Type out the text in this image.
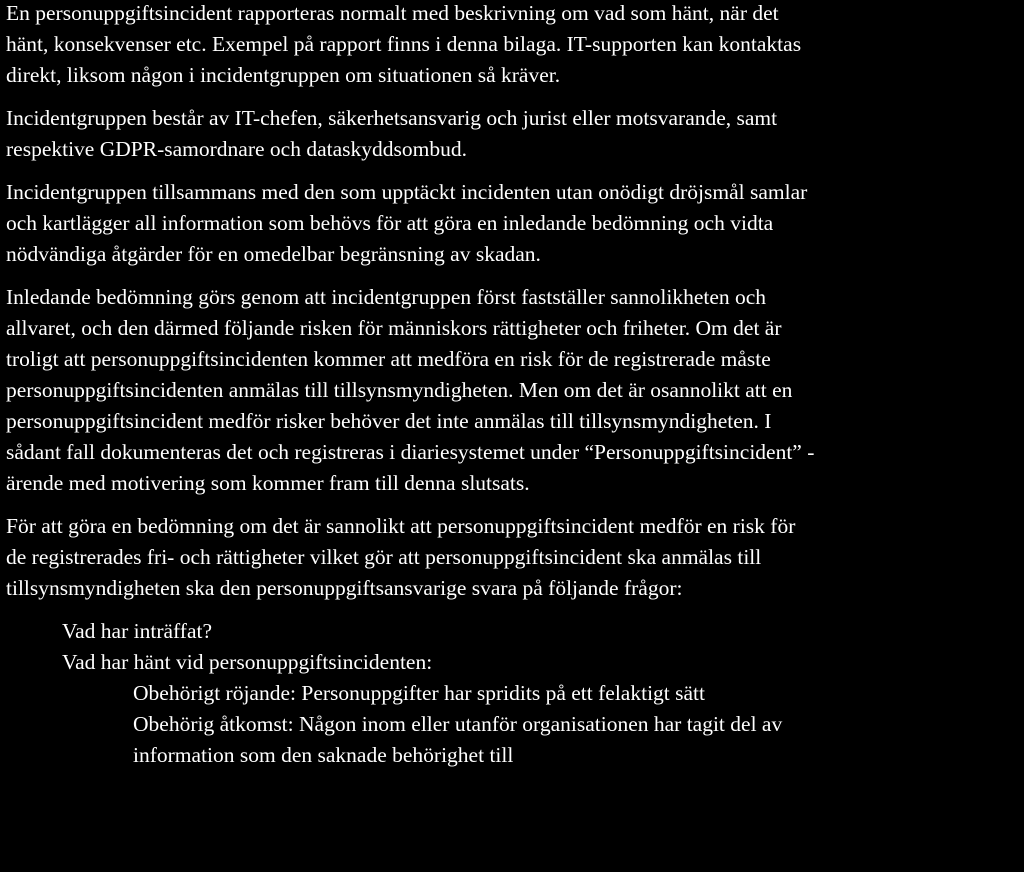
En personuppgiftsincident rapporteras normalt med beskrivning om vad som hänt, när det
hänt, konsekvenser etc. Exempel på rapport finns i denna bilaga. IT-supporten kan kontaktas
direkt, liksom någon i incidentgruppen om situationen så kräver.

Incidentgruppen består av IT-chefen, säkerhetsansvarig och jurist eller motsvarande, samt
respektive GDPR-samordnare och dataskyddsombud.

Incidentgruppen tillsammans med den som upptäckt incidenten utan onödigt dröjsmål samlar
och kartlägger all information som behövs för att göra en inledande bedömning och vidta
nödvändiga åtgärder för en omedelbar begränsning av skadan.

Inledande bedömning görs genom att incidentgruppen först fastställer sannolikheten och
allvaret, och den därmed följande risken för människors rättigheter och friheter. Om det är
troligt att personuppgiftsincidenten kommer att medföra en risk för de registrerade måste
personuppgiftsincidenten anmälas till tillsynsmyndigheten. Men om det är osannolikt att en
personuppgiftsincident medför risker behöver det inte anmälas till tillsynsmyndigheten. I
sådant fall dokumenteras det och registreras i diariesystemet under “Personuppgiftsincident” -
ärende med motivering som kommer fram till denna slutsats.

För att göra en bedömning om det är sannolikt att personuppgiftsincident medför en risk för
de registrerades fri- och rättigheter vilket gör att personuppgiftsincident ska anmälas till
tillsynsmyndigheten ska den personuppgiftsansvarige svara på följande frågor:

Vad har inträffat?
Vad har hänt vid personuppgiftsincidenten:
Obehörigt röjande: Personuppgifter har spridits på ett felaktigt sätt
Obehörig åtkomst: Någon inom eller utanför organisationen har tagit del av
information som den saknade behörighet till
